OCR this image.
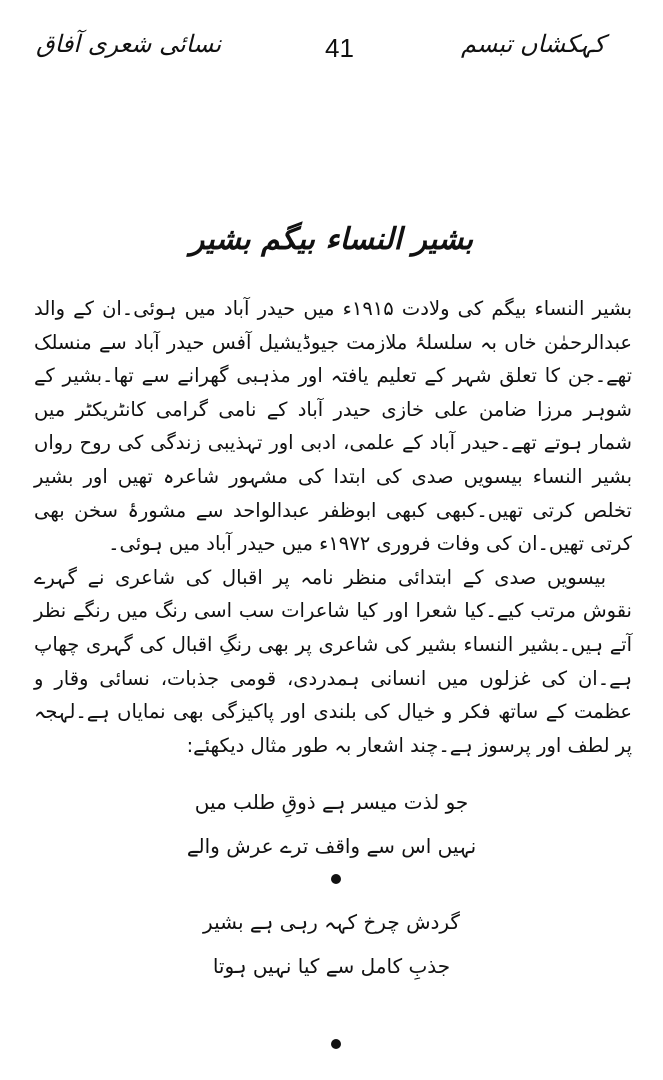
کہکشاں تبسم
41
نسائی شعری آفاق
بشیر النساء بیگم بشیر

بشیر النساء بیگم کی ولادت ۱۹۱۵ء میں حیدر آباد میں ہوئی۔ان کے والد عبدالرحمٰن خاں بہ سلسلۂ ملازمت جیوڈیشیل آفس حیدر آباد سے منسلک تھے۔جن کا تعلق شہر کے تعلیم یافتہ اور مذہبی گھرانے سے تھا۔بشیر کے شوہر مرزا ضامن علی خازی حیدر آباد کے نامی گرامی کانٹریکٹر میں شمار ہوتے تھے۔حیدر آباد کے علمی، ادبی اور تہذیبی زندگی کی روح رواں بشیر النساء بیسویں صدی کی ابتدا کی مشہور شاعرہ تھیں اور بشیر تخلص کرتی تھیں۔کبھی کبھی ابوظفر عبدالواحد سے مشورۂ سخن بھی کرتی تھیں۔ان کی وفات فروری ۱۹۷۲ء میں حیدر آباد میں ہوئی۔

بیسویں صدی کے ابتدائی منظر نامہ پر اقبال کی شاعری نے گہرے نقوش مرتب کیے۔کیا شعرا اور کیا شاعرات سب اسی رنگ میں رنگے نظر آتے ہیں۔بشیر النساء بشیر کی شاعری پر بھی رنگِ اقبال کی گہری چھاپ ہے۔ان کی غزلوں میں انسانی ہمدردی، قومی جذبات، نسائی وقار و عظمت کے ساتھ فکر و خیال کی بلندی اور پاکیزگی بھی نمایاں ہے۔لہجہ پر لطف اور پرسوز ہے۔چند اشعار بہ طور مثال دیکھئے:

جو لذت میسر ہے ذوقِ طلب میں
نہیں اس سے واقف ترے عرش والے
گردش چرخ کہہ رہی ہے بشیر
جذبِ کامل سے کیا نہیں ہوتا
